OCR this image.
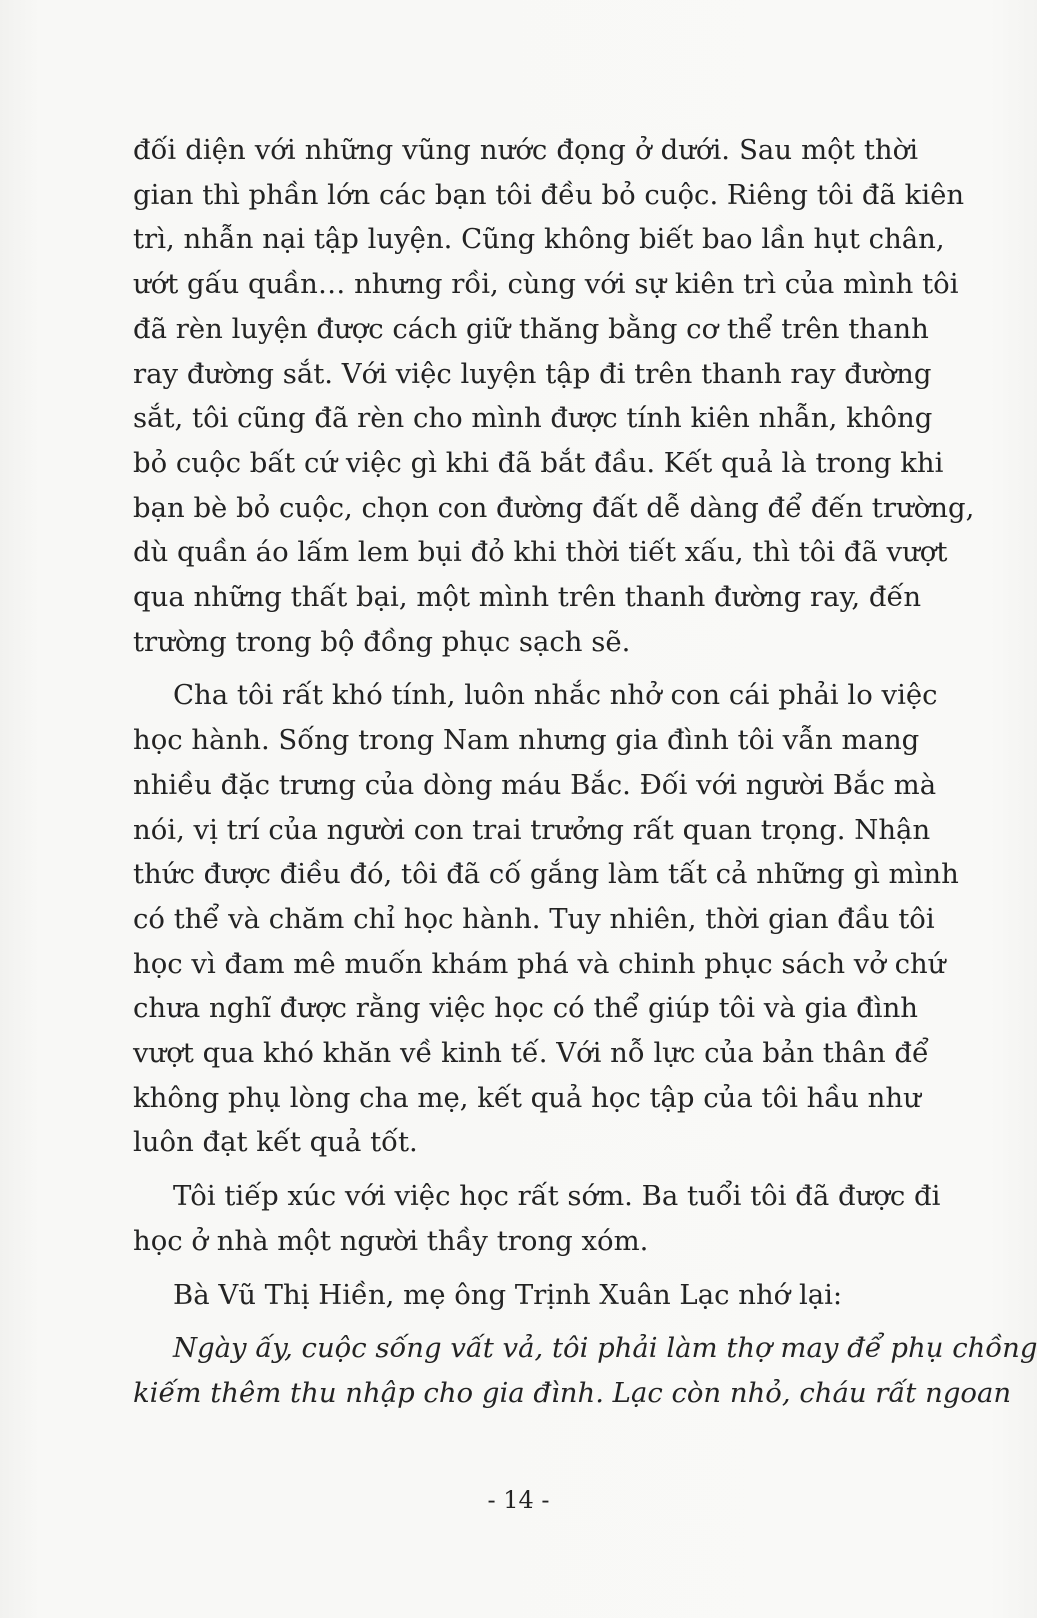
đối diện với những vũng nước đọng ở dưới. Sau một thời
gian thì phần lớn các bạn tôi đều bỏ cuộc. Riêng tôi đã kiên
trì, nhẫn nại tập luyện. Cũng không biết bao lần hụt chân,
ướt gấu quần… nhưng rồi, cùng với sự kiên trì của mình tôi
đã rèn luyện được cách giữ thăng bằng cơ thể trên thanh
ray đường sắt. Với việc luyện tập đi trên thanh ray đường
sắt, tôi cũng đã rèn cho mình được tính kiên nhẫn, không
bỏ cuộc bất cứ việc gì khi đã bắt đầu. Kết quả là trong khi
bạn bè bỏ cuộc, chọn con đường đất dễ dàng để đến trường,
dù quần áo lấm lem bụi đỏ khi thời tiết xấu, thì tôi đã vượt
qua những thất bại, một mình trên thanh đường ray, đến
trường trong bộ đồng phục sạch sẽ.
Cha tôi rất khó tính, luôn nhắc nhở con cái phải lo việc
học hành. Sống trong Nam nhưng gia đình tôi vẫn mang
nhiều đặc trưng của dòng máu Bắc. Đối với người Bắc mà
nói, vị trí của người con trai trưởng rất quan trọng. Nhận
thức được điều đó, tôi đã cố gắng làm tất cả những gì mình
có thể và chăm chỉ học hành. Tuy nhiên, thời gian đầu tôi
học vì đam mê muốn khám phá và chinh phục sách vở chứ
chưa nghĩ được rằng việc học có thể giúp tôi và gia đình
vượt qua khó khăn về kinh tế. Với nỗ lực của bản thân để
không phụ lòng cha mẹ, kết quả học tập của tôi hầu như
luôn đạt kết quả tốt.
Tôi tiếp xúc với việc học rất sớm. Ba tuổi tôi đã được đi
học ở nhà một người thầy trong xóm.
Bà Vũ Thị Hiền, mẹ ông Trịnh Xuân Lạc nhớ lại:
Ngày ấy, cuộc sống vất vả, tôi phải làm thợ may để phụ chồng
kiếm thêm thu nhập cho gia đình. Lạc còn nhỏ, cháu rất ngoan
- 14 -
